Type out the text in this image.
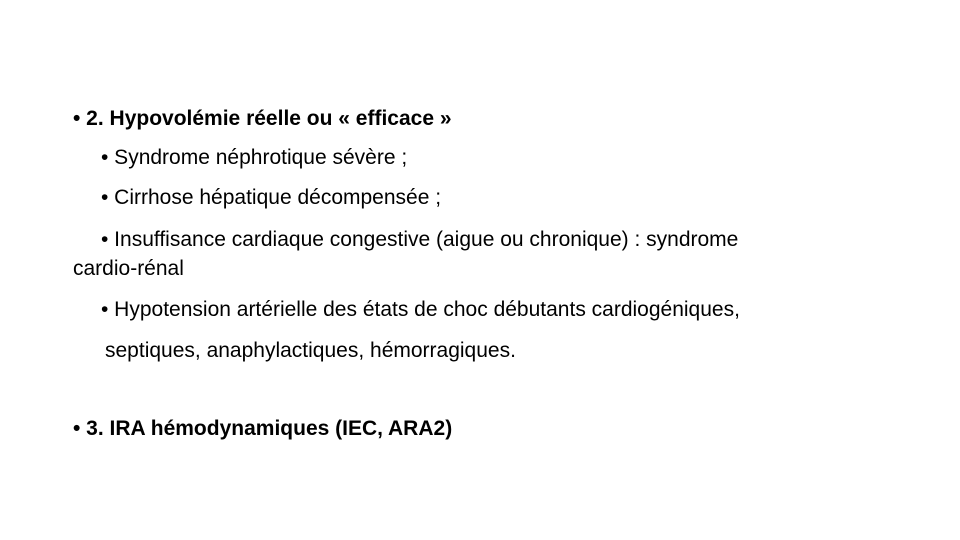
• 2. Hypovolémie réelle ou « efficace »
• Syndrome néphrotique sévère ;
• Cirrhose hépatique décompensée ;
• Insuffisance cardiaque congestive (aigue ou chronique) : syndrome
cardio-rénal
• Hypotension artérielle des états de choc débutants cardiogéniques,
septiques, anaphylactiques, hémorragiques.
• 3. IRA hémodynamiques (IEC, ARA2)
